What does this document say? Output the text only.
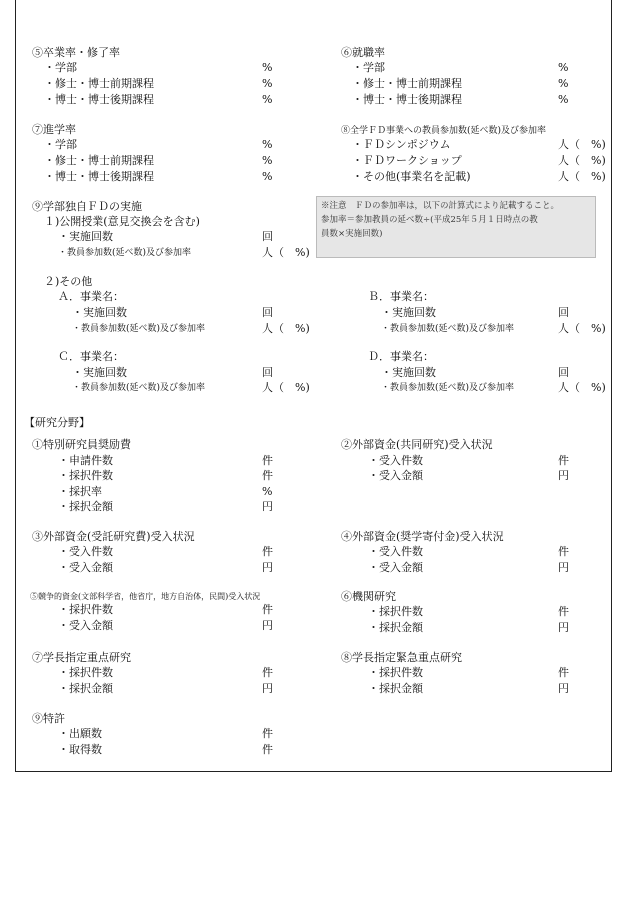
⑤卒業率・修了率
・学部	%
・修士・博士前期課程	%
・博士・博士後期課程	%
⑥就職率
・学部	%
・修士・博士前期課程	%
・博士・博士後期課程	%
⑦進学率
・学部	%
・修士・博士前期課程	%
・博士・博士後期課程	%
⑧全学ＦＤ事業への教員参加数(延べ数)及び参加率
・ＦＤシンポジウム	人（　%)
・ＦＤワークショップ	人（　%)
・その他(事業名を記載)	人（　%)
⑨学部独自ＦＤの実施
１)公開授業(意見交換会を含む)
・実施回数	回
・教員参加数(延べ数)及び参加率	人（　%)
※注意　ＦＤの参加率は，以下の計算式により記載すること。
参加率＝参加教員の延べ数÷(平成25年５月１日時点の教
員数×実施回数)
２)その他
Ａ．事業名：
・実施回数	回
・教員参加数(延べ数)及び参加率	人（　%)
Ｂ．事業名：
・実施回数	回
・教員参加数(延べ数)及び参加率	人（　%)
Ｃ．事業名：
・実施回数	回
・教員参加数(延べ数)及び参加率	人（　%)
Ｄ．事業名：
・実施回数	回
・教員参加数(延べ数)及び参加率	人（　%)
【研究分野】
①特別研究員奨励費
・申請件数	件
・採択件数	件
・採択率	%
・採択金額	円
②外部資金(共同研究)受入状況
・受入件数	件
・受入金額	円
③外部資金(受託研究費)受入状況
・受入件数	件
・受入金額	円
④外部資金(奨学寄付金)受入状況
・受入件数	件
・受入金額	円
⑤競争的資金(文部科学省，他省庁，地方自治体，民間)受入状況
・採択件数	件
・受入金額	円
⑥機関研究
・採択件数	件
・採択金額	円
⑦学長指定重点研究
・採択件数	件
・採択金額	円
⑧学長指定緊急重点研究
・採択件数	件
・採択金額	円
⑨特許
・出願数	件
・取得数	件
